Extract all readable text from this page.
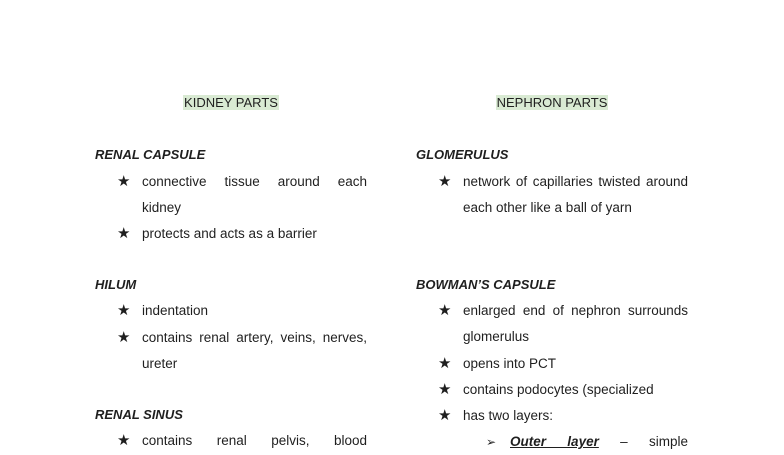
KIDNEY PARTS
RENAL CAPSULE
★ connective tissue around each kidney
★ protects and acts as a barrier
HILUM
★ indentation
★ contains renal artery, veins, nerves, ureter
RENAL SINUS
★ contains renal pelvis, blood
NEPHRON PARTS
GLOMERULUS
★ network of capillaries twisted around each other like a ball of yarn
BOWMAN’S CAPSULE
★ enlarged end of nephron surrounds glomerulus
★ opens into PCT
★ contains podocytes (specialized
★ has two layers:
➢ Outer layer – simple
